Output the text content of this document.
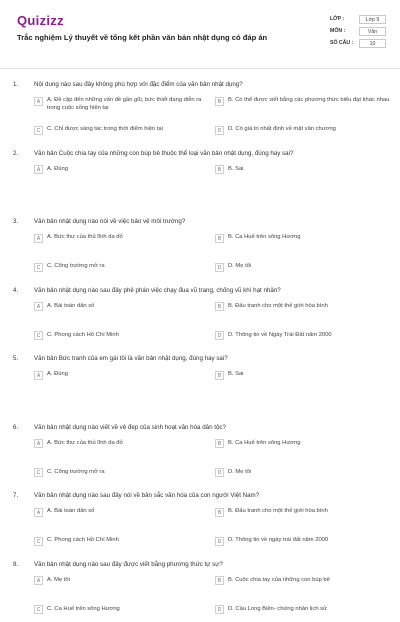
Quizizz
Trắc nghiệm Lý thuyết về tổng kết phần văn bản nhật dụng có đáp án
LỚP :	Lớp 9
MÔN :	Văn
SỐ CÂU :	10
1.	Nội dung nào sau đây không phù hợp với đặc điểm của văn bản nhật dụng?
A	A. Đề cập đến những vấn đề gần gũi, bức thiết đang diễn ra trong cuộc sống hiện tại
B	B. Có thể được viết bằng các phương thức biểu đạt khác nhau
C	C. Chỉ được sáng tác trong thời điểm hiện tại	D	D. Có giá trị nhất định về mặt văn chương
2.	Văn bản Cuộc chia tay của những con búp bê thuộc thể loại văn bản nhật dụng, đúng hay sai?
A	A. Đúng	B	B. Sai
3.	Văn bản nhật dụng nào nói về việc bảo vệ môi trường?
A	A. Bức thư của thủ lĩnh da đỏ	B	B. Ca Huế trên sông Hương
C	C. Cổng trường mở ra	D	D. Mẹ tôi
4.	Văn bản nhật dụng nào sau đây phê phán việc chạy đua vũ trang, chống vũ khí hạt nhân?
A	A. Bài toán dân số	B	B. Đấu tranh cho một thế giới hòa bình
C	C. Phong cách Hồ Chí Minh	D	D. Thông tin về Ngày Trái Đất năm 2000
5.	Văn bản Bức tranh của em gái tôi là văn bản nhật dụng, đúng hay sai?
A	A. Đúng	B	B. Sai
6.	Văn bản nhật dụng nào viết về vẻ đẹp của sinh hoạt văn hóa dân tộc?
A	A. Bức thư của thủ lĩnh da đỏ	B	B. Ca Huế trên sông Hương
C	C. Cổng trường mở ra	D	D. Mẹ tôi
7.	Văn bản nhật dụng nào sau đây nói về bản sắc văn hóa của con người Việt Nam?
A	A. Bài toán dân số	B	B. Đấu tranh cho một thế giới hòa bình
C	C. Phong cách Hồ Chí Minh	D	D. Thông tin về ngày trái đất năm 2000
8.	Văn bản nhật dụng nào sau đây được viết bằng phương thức tự sự?
A	A. Mẹ tôi	B	B. Cuộc chia tay của những con búp bê
C	C. Ca Huế trên sông Hương	D	D. Cầu Long Biên- chứng nhân lịch sử
